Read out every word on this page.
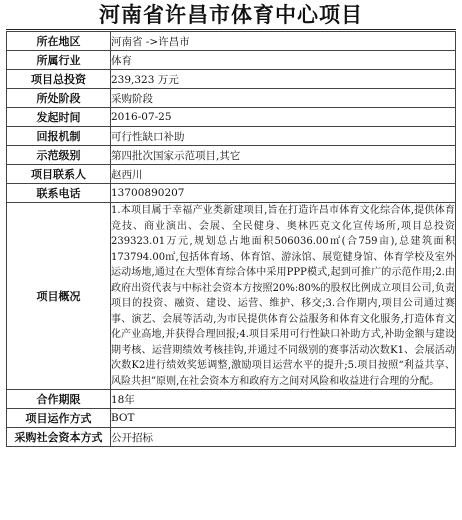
河南省许昌市体育中心项目
所在地区	河南省 ->许昌市
所属行业	体育
项目总投资	239,323 万元
所处阶段	采购阶段
发起时间	2016-07-25
回报机制	可行性缺口补助
示范级别	第四批次国家示范项目,其它
项目联系人	赵西川
联系电话	13700890207
项目概况	1.本项目属于幸福产业类新建项目,旨在打造许昌市体育文化综合体,提供体育竞技、商业演出、会展、全民健身、奥林匹克文化宣传场所,项目总投资239323.01万元,规划总占地面积506036.00㎡(合759亩),总建筑面积173794.00㎡,包括体育场、体育馆、游泳馆、展览健身馆、体育学校及室外运动场地,通过在大型体育综合体中采用PPP模式,起到可推广的示范作用;2.由政府出资代表与中标社会资本方按照20%:80%的股权比例成立项目公司,负责项目的投资、融资、建设、运营、维护、移交;3.合作期内,项目公司通过赛事、演艺、会展等活动,为市民提供体育公益服务和体育文化服务,打造体育文化产业高地,并获得合理回报;4.项目采用可行性缺口补助方式,补助金额与建设期考核、运营期绩效考核挂钩,并通过不同级别的赛事活动次数K1、会展活动次数K2进行绩效奖惩调整,激励项目运营水平的提升;5.项目按照“利益共享、风险共担”原则,在社会资本方和政府方之间对风险和收益进行合理的分配。
合作期限	18年
项目运作方式	BOT
采购社会资本方式	公开招标
